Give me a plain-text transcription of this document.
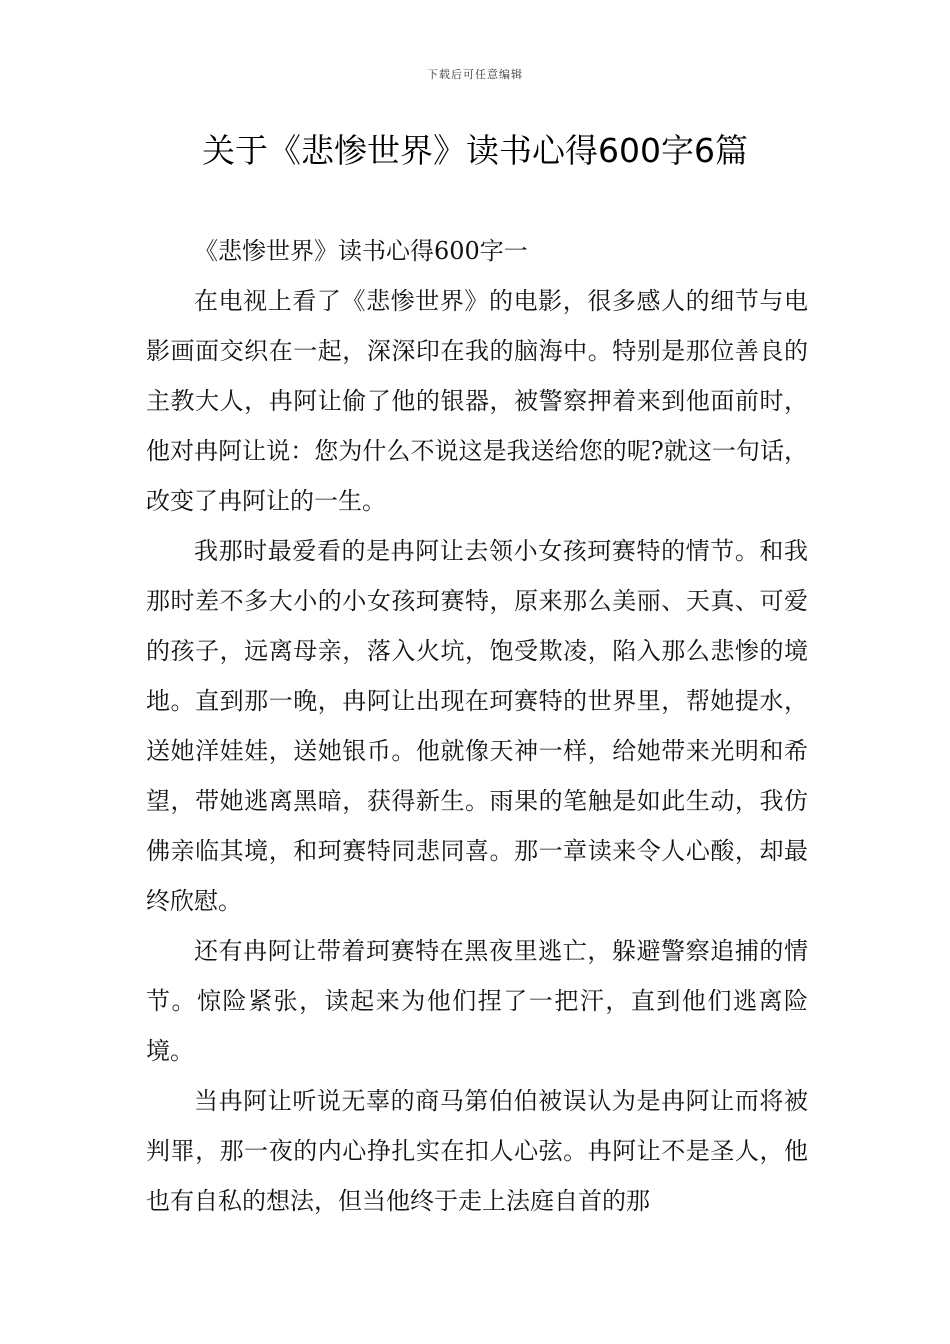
下载后可任意编辑
关于《悲惨世界》读书心得600字6篇
《悲惨世界》读书心得600字一

在电视上看了《悲惨世界》的电影，很多感人的细节与电影画面交织在一起，深深印在我的脑海中。特别是那位善良的主教大人，冉阿让偷了他的银器，被警察押着来到他面前时，他对冉阿让说：您为什么不说这是我送给您的呢?就这一句话，改变了冉阿让的一生。

我那时最爱看的是冉阿让去领小女孩珂赛特的情节。和我那时差不多大小的小女孩珂赛特，原来那么美丽、天真、可爱的孩子，远离母亲，落入火坑，饱受欺凌，陷入那么悲惨的境地。直到那一晚，冉阿让出现在珂赛特的世界里，帮她提水，送她洋娃娃，送她银币。他就像天神一样，给她带来光明和希望，带她逃离黑暗，获得新生。雨果的笔触是如此生动，我仿佛亲临其境，和珂赛特同悲同喜。那一章读来令人心酸，却最终欣慰。

还有冉阿让带着珂赛特在黑夜里逃亡，躲避警察追捕的情节。惊险紧张，读起来为他们捏了一把汗，直到他们逃离险境。

当冉阿让听说无辜的商马第伯伯被误认为是冉阿让而将被判罪，那一夜的内心挣扎实在扣人心弦。冉阿让不是圣人，他也有自私的想法，但当他终于走上法庭自首的那
